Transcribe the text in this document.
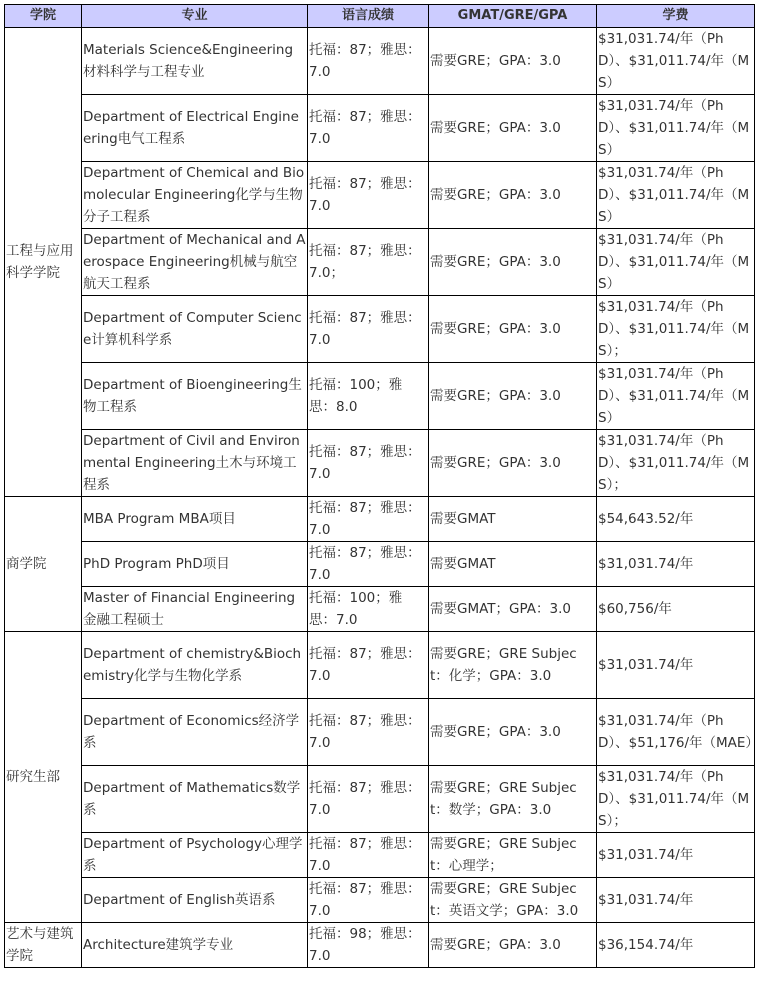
学院	专业	语言成绩	GMAT/GRE/GPA	学费
工程与应用科学学院	Materials Science&Engineering材料科学与工程专业	托福：87；雅思：7.0	需要GRE；GPA：3.0	$31,031.74/年（PhD）、$31,011.74/年（MS）
	Department of Electrical Engineering电气工程系	托福：87；雅思：7.0	需要GRE；GPA：3.0	$31,031.74/年（PhD）、$31,011.74/年（MS）
	Department of Chemical and Biomolecular Engineering化学与生物分子工程系	托福：87；雅思：7.0	需要GRE；GPA：3.0	$31,031.74/年（PhD）、$31,011.74/年（MS）
	Department of Mechanical and Aerospace Engineering机械与航空航天工程系	托福：87；雅思：7.0；	需要GRE；GPA：3.0	$31,031.74/年（PhD）、$31,011.74/年（MS）
	Department of Computer Science计算机科学系	托福：87；雅思：7.0	需要GRE；GPA：3.0	$31,031.74/年（PhD）、$31,011.74/年（MS）；
	Department of Bioengineering生物工程系	托福：100；雅思：8.0	需要GRE；GPA：3.0	$31,031.74/年（PhD）、$31,011.74/年（MS）
	Department of Civil and Environmental Engineering土木与环境工程系	托福：87；雅思：7.0	需要GRE；GPA：3.0	$31,031.74/年（PhD）、$31,011.74/年（MS）；
商学院	MBA Program MBA项目	托福：87；雅思：7.0	需要GMAT	$54,643.52/年
	PhD Program PhD项目	托福：87；雅思：7.0	需要GMAT	$31,031.74/年
	Master of Financial Engineering 金融工程硕士	托福：100；雅思：7.0	需要GMAT；GPA：3.0	$60,756/年
研究生部	Department of chemistry&Biochemistry化学与生物化学系	托福：87；雅思：7.0	需要GRE；GRE Subject：化学；GPA：3.0	$31,031.74/年
	Department of Economics经济学系	托福：87；雅思：7.0	需要GRE；GPA：3.0	$31,031.74/年（PhD）、$51,176/年（MAE）
	Department of Mathematics数学系	托福：87；雅思：7.0	需要GRE；GRE Subject：数学；GPA：3.0	$31,031.74/年（PhD）、$31,011.74/年（MS）；
	Department of Psychology心理学系	托福：87；雅思：7.0	需要GRE；GRE Subject：心理学；	$31,031.74/年
	Department of English英语系	托福：87；雅思：7.0	需要GRE；GRE Subject：英语文学；GPA：3.0	$31,031.74/年
艺术与建筑学院	Architecture建筑学专业	托福：98；雅思：7.0	需要GRE；GPA：3.0	$36,154.74/年
